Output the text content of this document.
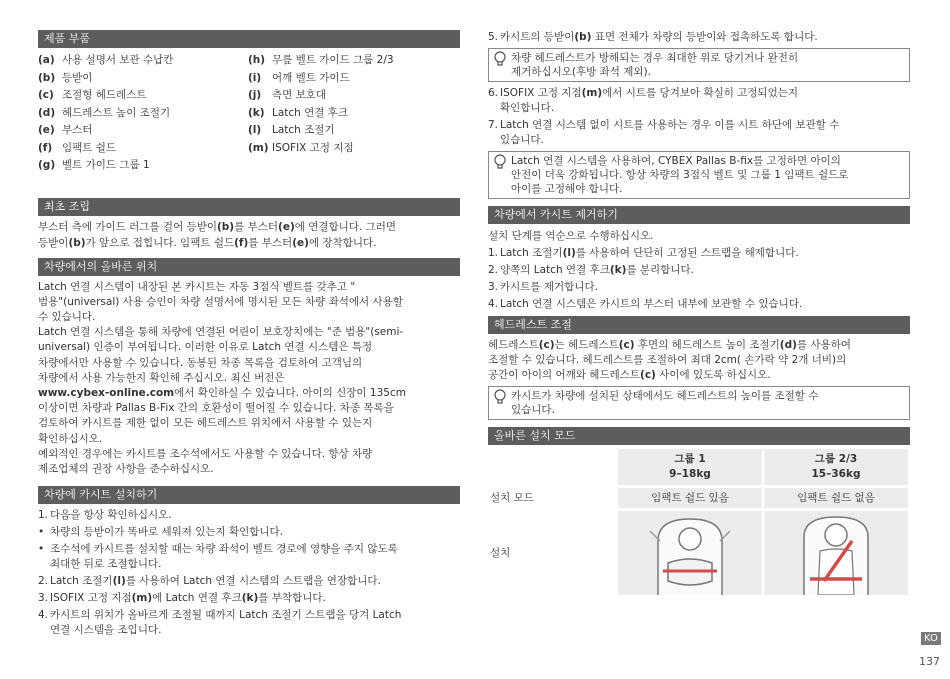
제품 부품
(a) 사용 설명서 보관 수납칸
(b) 등받이
(c) 조절형 헤드레스트
(d) 헤드레스트 높이 조절기
(e) 부스터
(f) 임팩트 쉴드
(g) 벨트 가이드 그룹 1
(h) 무릎 벨트 가이드 그룹 2/3
(i)	어깨 벨트 가이드
(j)	측면 보호대
(k) Latch 연결 후크
(l)	Latch 조절기
(m) ISOFIX 고정 지점
최초 조립
부스터 측에 가이드 러그를 걸어 등받이(b)를 부스터(e)에 연결합니다. 그러면
등받이(b)가 앞으로 접힙니다. 임팩트 쉴드(f)를 부스터(e)에 장착합니다.
차량에서의 올바른 위치
Latch 연결 시스템이 내장된 본 카시트는 자동 3점식 벨트를 갖추고 "
범용"(universal) 사용 승인이 차량 설명서에 명시된 모든 차량 좌석에서 사용할
수 있습니다.
Latch 연결 시스템을 통해 차량에 연결된 어린이 보호장치에는 "준 범용"(semi-
universal) 인증이 부여됩니다. 이러한 이유로 Latch 연결 시스템은 특정
차량에서만 사용할 수 있습니다. 동봉된 차종 목록을 검토하여 고객님의
차량에서 사용 가능한지 확인해 주십시오. 최신 버전은
www.cybex-online.com에서 확인하실 수 있습니다. 아이의 신장이 135cm
이상이면 차량과 Pallas B-Fix 간의 호환성이 떨어질 수 있습니다. 차종 목록을
검토하여 카시트를 제한 없이 모든 헤드레스트 위치에서 사용할 수 있는지
확인하십시오.
예외적인 경우에는 카시트를 조수석에서도 사용할 수 있습니다. 항상 차량
제조업체의 권장 사항을 준수하십시오.
차량에 카시트 설치하기
1. 다음을 항상 확인하십시오.
• 차량의 등받이가 똑바로 세워져 있는지 확인합니다.
• 조수석에 카시트를 설치할 때는 차량 좌석이 벨트 경로에 영향을 주지 않도록
최대한 뒤로 조절합니다.
2. Latch 조절기(l)를 사용하여 Latch 연결 시스템의 스트랩을 연장합니다.
3. ISOFIX 고정 지점(m)에 Latch 연결 후크(k)를 부착합니다.
4. 카시트의 위치가 올바르게 조절될 때까지 Latch 조절기 스트랩을 당겨 Latch
연결 시스템을 조입니다.
5. 카시트의 등받이(b) 표면 전체가 차량의 등받이와 접촉하도록 합니다.
차량 헤드레스트가 방해되는 경우 최대한 위로 당기거나 완전히
제거하십시오(후방 좌석 제외).
6. ISOFIX 고정 지점(m)에서 시트를 당겨보아 확실히 고정되었는지
확인합니다.
7. Latch 연결 시스템 없이 시트를 사용하는 경우 이를 시트 하단에 보관할 수
있습니다.
Latch 연결 시스템을 사용하여, CYBEX Pallas B-fix를 고정하면 아이의
안전이 더욱 강화됩니다. 항상 차량의 3점식 벨트 및 그룹 1 임팩트 쉴드로
아이를 고정해야 합니다.
차량에서 카시트 제거하기
설치 단계를 역순으로 수행하십시오.
1. Latch 조절기(l)를 사용하여 단단히 고정된 스트랩을 해제합니다.
2. 양쪽의 Latch 연결 후크(k)를 분리합니다.
3. 카시트를 제거합니다.
4. Latch 연결 시스템은 카시트의 부스터 내부에 보관할 수 있습니다.
헤드레스트 조절
헤드레스트(c)는 헤드레스트(c) 후면의 헤드레스트 높이 조절기(d)를 사용하여
조절할 수 있습니다. 헤드레스트를 조절하여 최대 2cm( 손가락 약 2개 너비)의
공간이 아이의 어깨와 헤드레스트(c) 사이에 있도록 하십시오.
카시트가 차량에 설치된 상태에서도 헤드레스트의 높이를 조절할 수
있습니다.
올바른 설치 모드
그룹 1
9–18kg
그룹 2/3
15–36kg
설치 모드	임팩트 쉴드 있음	임팩트 쉴드 없음
설치
KO
137
